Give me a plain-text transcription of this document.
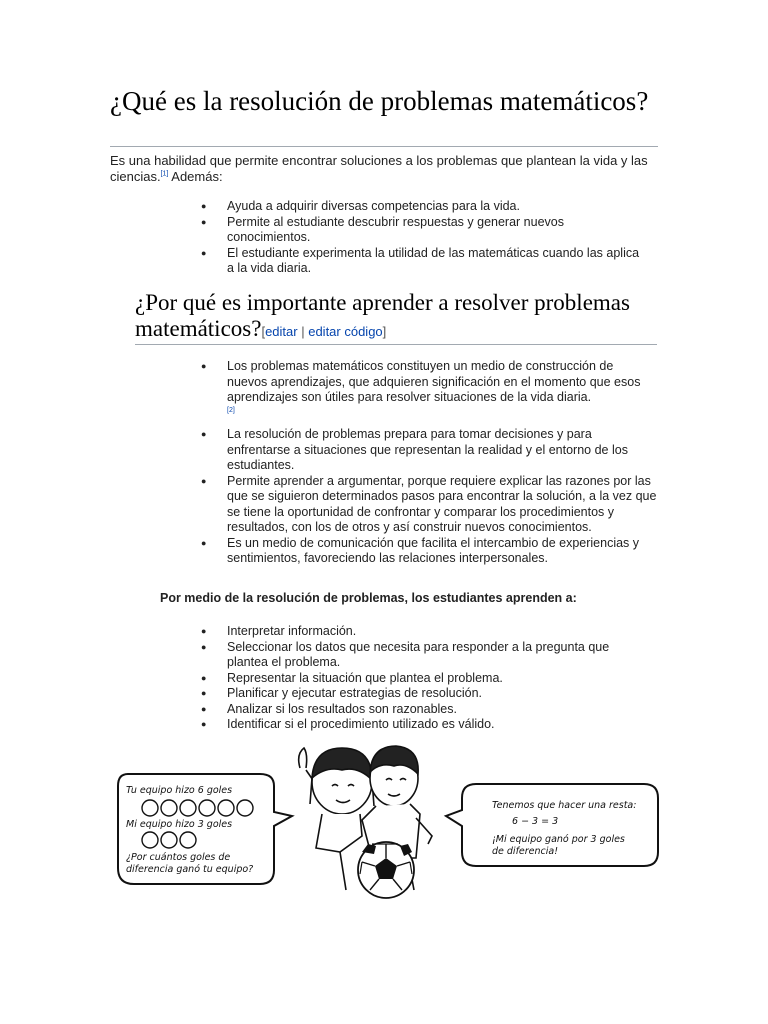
¿Qué es la resolución de problemas matemáticos?

Es una habilidad que permite encontrar soluciones a los problemas que plantean la vida y las ciencias.[1] Además:

● Ayuda a adquirir diversas competencias para la vida.
● Permite al estudiante descubrir respuestas y generar nuevos conocimientos.
● El estudiante experimenta la utilidad de las matemáticas cuando las aplica a la vida diaria.
¿Por qué es importante aprender a resolver problemas matemáticos?[editar | editar código]
● Los problemas matemáticos constituyen un medio de construcción de nuevos aprendizajes, que adquieren significación en el momento que esos aprendizajes son útiles para resolver situaciones de la vida diaria.
[2]
● La resolución de problemas prepara para tomar decisiones y para enfrentarse a situaciones que representan la realidad y el entorno de los estudiantes.
● Permite aprender a argumentar, porque requiere explicar las razones por las que se siguieron determinados pasos para encontrar la solución, a la vez que se tiene la oportunidad de confrontar y comparar los procedimientos y resultados, con los de otros y así construir nuevos conocimientos.
● Es un medio de comunicación que facilita el intercambio de experiencias y sentimientos, favoreciendo las relaciones interpersonales.
Por medio de la resolución de problemas, los estudiantes aprenden a:
● Interpretar información.
● Seleccionar los datos que necesita para responder a la pregunta que plantea el problema.
● Representar la situación que plantea el problema.
● Planificar y ejecutar estrategias de resolución.
● Analizar si los resultados son razonables.
● Identificar si el procedimiento utilizado es válido.
Tu equipo hizo 6 goles
Mi equipo hizo 3 goles
¿Por cuántos goles de
diferencia ganó tu equipo?
Tenemos que hacer una resta:
6 − 3 = 3
¡Mi equipo ganó por 3 goles
de diferencia!
